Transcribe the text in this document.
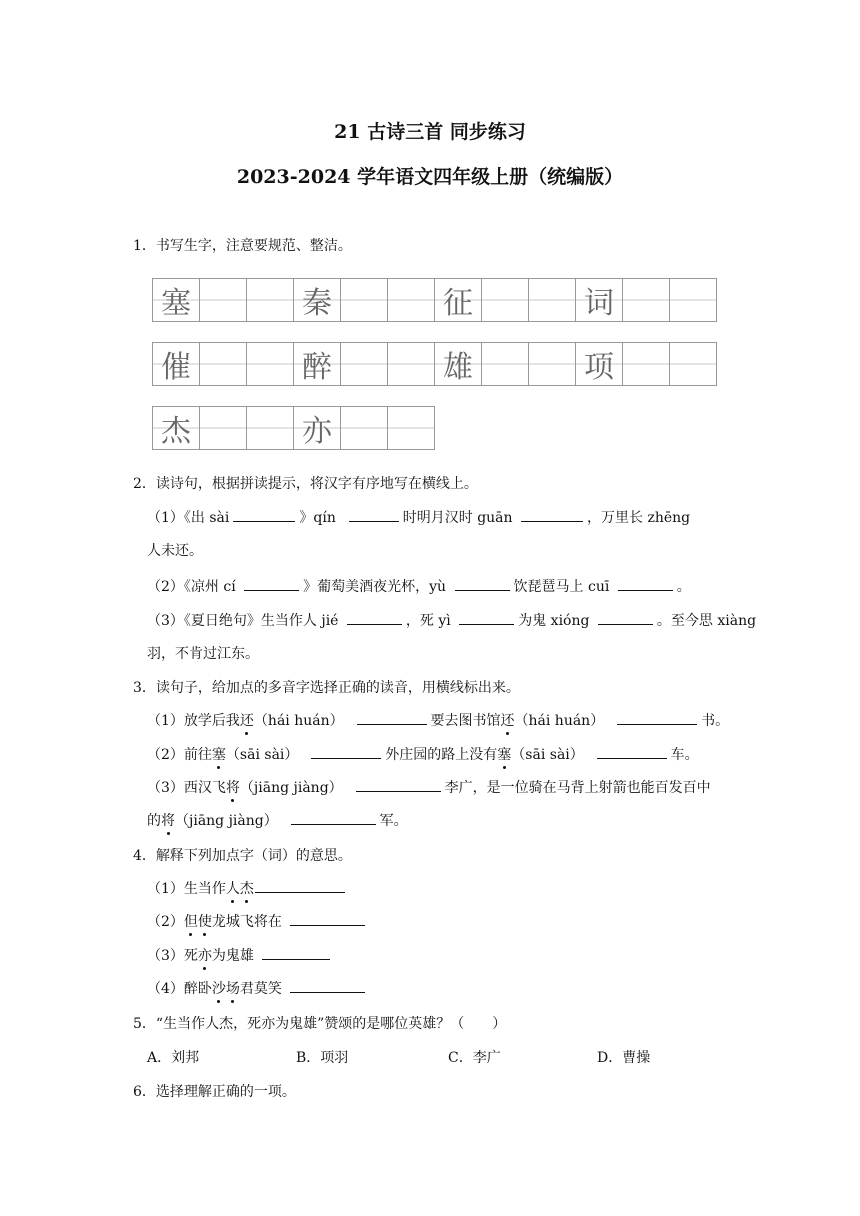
21 古诗三首 同步练习
2023-2024 学年语文四年级上册（统编版）
1．书写生字，注意要规范、整洁。
塞	秦	征	词
催	醉	雄	项
杰	亦
2．读诗句，根据拼读提示，将汉字有序地写在横线上。
（1）《出 sài	》qín	时明月汉时 guān	，万里长 zhēng
人未还。
（2）《凉州 cí	》葡萄美酒夜光杯，yù	饮琵琶马上 cuī	。
（3）《夏日绝句》生当作人 jié	，死 yì	为鬼 xióng	。至今思 xiàng
羽，不肯过江东。
3．读句子，给加点的多音字选择正确的读音，用横线标出来。
（1）放学后我还（hái huán）	要去图书馆还（hái huán）	书。
（2）前往塞（sāi sài）	外庄园的路上没有塞（sāi sài）	车。
（3）西汉飞将（jiāng jiàng）	李广，是一位骑在马背上射箭也能百发百中
的将（jiāng jiàng）	军。
4．解释下列加点字（词）的意思。
（1）生当作人杰
（2）但使龙城飞将在
（3）死亦为鬼雄
（4）醉卧沙场君莫笑
5．“生当作人杰，死亦为鬼雄”赞颂的是哪位英雄？（　　）
A．刘邦	B．项羽	C．李广	D．曹操
6．选择理解正确的一项。
